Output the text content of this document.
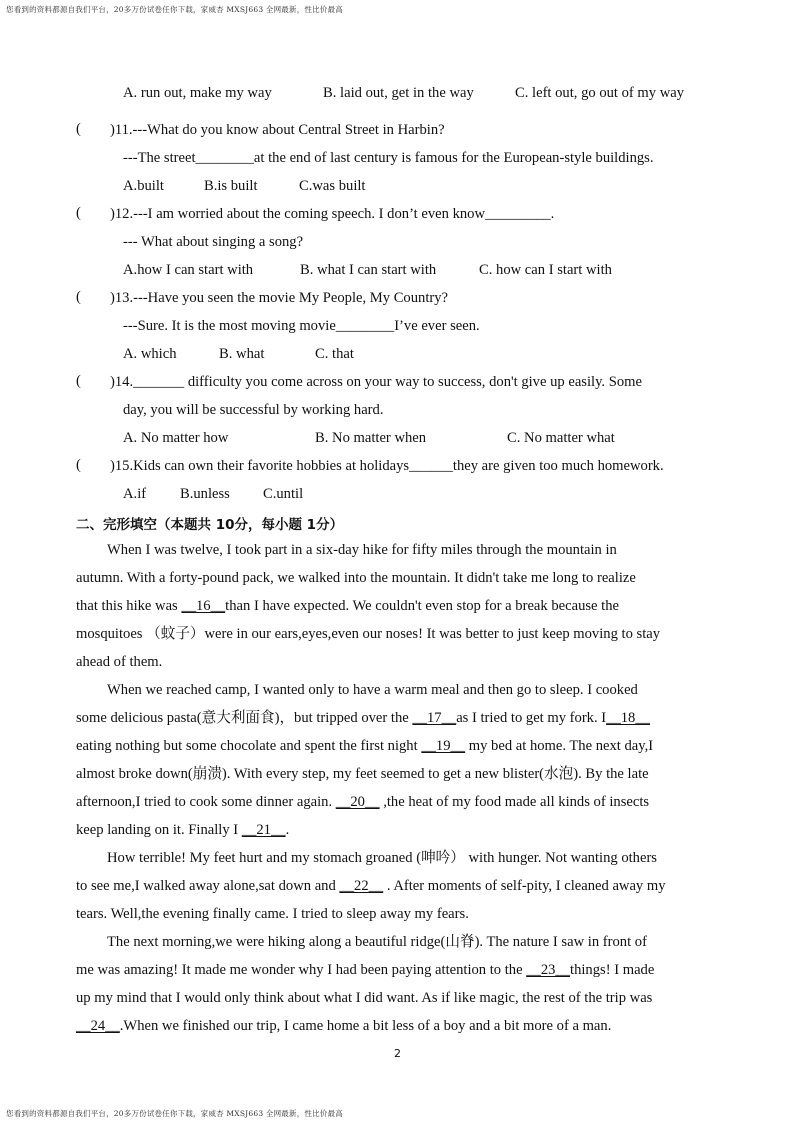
您看到的资料都源自我们平台，20多万份试卷任你下载，家威杏 MXSJ663 全网最新，性比价最高
A. run out, make my way	B. laid out, get in the way	C. left out, go out of my way
( )11.---What do you know about Central Street in Harbin?
---The street________at the end of last century is famous for the European-style buildings.
A.built	B.is built	C.was built
( )12.---I am worried about the coming speech. I don’t even know_________.
--- What about singing a song?
A.how I can start with	B. what I can start with	C. how can I start with
( )13.---Have you seen the movie My People, My Country?
---Sure. It is the most moving movie________I’ve ever seen.
A. which	B. what	C. that
( )14._______ difficulty you come across on your way to success, don't give up easily. Some
day, you will be successful by working hard.
A. No matter how	B. No matter when	C. No matter what
( )15.Kids can own their favorite hobbies at holidays______they are given too much homework.
A.if B.unless C.until
二、完形填空（本题共 10分，每小题 1分）
When I was twelve, I took part in a six-day hike for fifty miles through the mountain in
autumn. With a forty-pound pack, we walked into the mountain. It didn't take me long to realize
that this hike was __16__than I have expected. We couldn't even stop for a break because the
mosquitoes （蚊子）were in our ears,eyes,even our noses! It was better to just keep moving to stay
ahead of them.
When we reached camp, I wanted only to have a warm meal and then go to sleep. I cooked
some delicious pasta(意大利面食)，but tripped over the __17__as I tried to get my fork. I__18__
eating nothing but some chocolate and spent the first night __19__ my bed at home. The next day,I
almost broke down(崩溃). With every step, my feet seemed to get a new blister(水泡). By the late
afternoon,I tried to cook some dinner again. __20__ ,the heat of my food made all kinds of insects
keep landing on it. Finally I __21__.
How terrible! My feet hurt and my stomach groaned (呻吟） with hunger. Not wanting others
to see me,I walked away alone,sat down and __22__ . After moments of self-pity, I cleaned away my
tears. Well,the evening finally came. I tried to sleep away my fears.
The next morning,we were hiking along a beautiful ridge(山脊). The nature I saw in front of
me was amazing! It made me wonder why I had been paying attention to the __23__things! I made
up my mind that I would only think about what I did want. As if like magic, the rest of the trip was
__24__.When we finished our trip, I came home a bit less of a boy and a bit more of a man.
2
您看到的资料都源自我们平台，20多万份试卷任你下载，家威杏 MXSJ663 全网最新，性比价最高
